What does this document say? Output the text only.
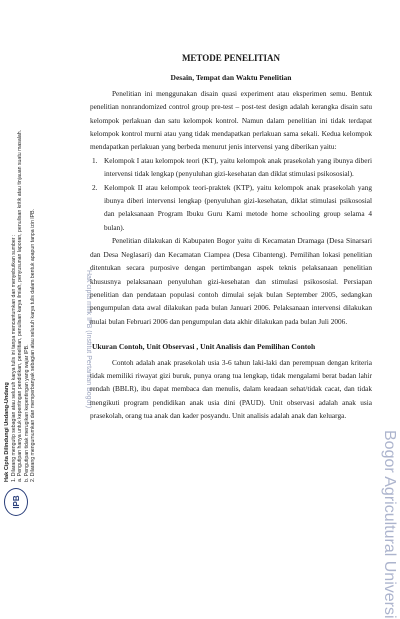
IPB
Hak Cipta Dilindungi Undang-Undang 1. Dilarang mengutip sebagian atau seluruh karya tulis ini tanpa mencantumkan dan menyebutkan sumber : a. Pengutipan hanya untuk kepentingan pendidikan, penelitian, penulisan karya ilmiah, penyusunan laporan, penulisan kritik atau tinjauan suatu masalah. b. Pengutipan tidak merugikan kepentingan yang wajar IPB. 2. Dilarang mengumumkan dan memperbanyak sebagian atau seluruh karya tulis dalam bentuk apapun tanpa izin IPB.	Hak cipta milik IPB (Institut Pertanian Bogor)
Bogor Agricultural Universi
METODE PENELITIAN
Desain, Tempat dan Waktu Penelitian

Penelitian ini menggunakan disain quasi experiment atau eksperimen semu. Bentuk penelitian nonrandomized control group pre-test – post-test design adalah kerangka disain satu kelompok perlakuan dan satu kelompok kontrol. Namun dalam penelitian ini tidak terdapat kelompok kontrol murni atau yang tidak mendapatkan perlakuan sama sekali. Kedua kelompok mendapatkan perlakuan yang berbeda menurut jenis intervensi yang diberikan yaitu:

1. Kelompok I atau kelompok teori (KT), yaitu kelompok anak prasekolah yang ibunya diberi intervensi tidak lengkap (penyuluhan gizi-kesehatan dan diklat stimulasi psikososial).
2. Kelompok II atau kelompok teori-praktek (KTP), yaitu kelompok anak prasekolah yang ibunya diberi intervensi lengkap (penyuluhan gizi-kesehatan, diklat stimulasi psikososial dan pelaksanaan Program Ibuku Guru Kami metode home schooling group selama 4 bulan).

Penelitian dilakukan di Kabupaten Bogor yaitu di Kecamatan Dramaga (Desa Sinarsari dan Desa Neglasari) dan Kecamatan Ciampea (Desa Cibanteng). Pemilihan lokasi penelitian ditentukan secara purposive dengan pertimbangan aspek teknis pelaksanaan penelitian khususnya pelaksanaan penyuluhan gizi-kesehatan dan stimulasi psikososial. Persiapan penelitian dan pendataan populasi contoh dimulai sejak bulan September 2005, sedangkan pengumpulan data awal dilakukan pada bulan Januari 2006. Pelaksanaan intervensi dilakukan mulai bulan Februari 2006 dan pengumpulan data akhir dilakukan pada bulan Juli 2006.

Ukuran Contoh, Unit Observasi , Unit Analisis dan Pemilihan Contoh

Contoh adalah anak prasekolah usia 3-6 tahun laki-laki dan perempuan dengan kriteria tidak memiliki riwayat gizi buruk, punya orang tua lengkap, tidak mengalami berat badan lahir rendah (BBLR), ibu dapat membaca dan menulis, dalam keadaan sehat/tidak cacat, dan tidak mengikuti program pendidikan anak usia dini (PAUD). Unit observasi adalah anak usia prasekolah, orang tua anak dan kader posyandu. Unit analisis adalah anak dan keluarga.
